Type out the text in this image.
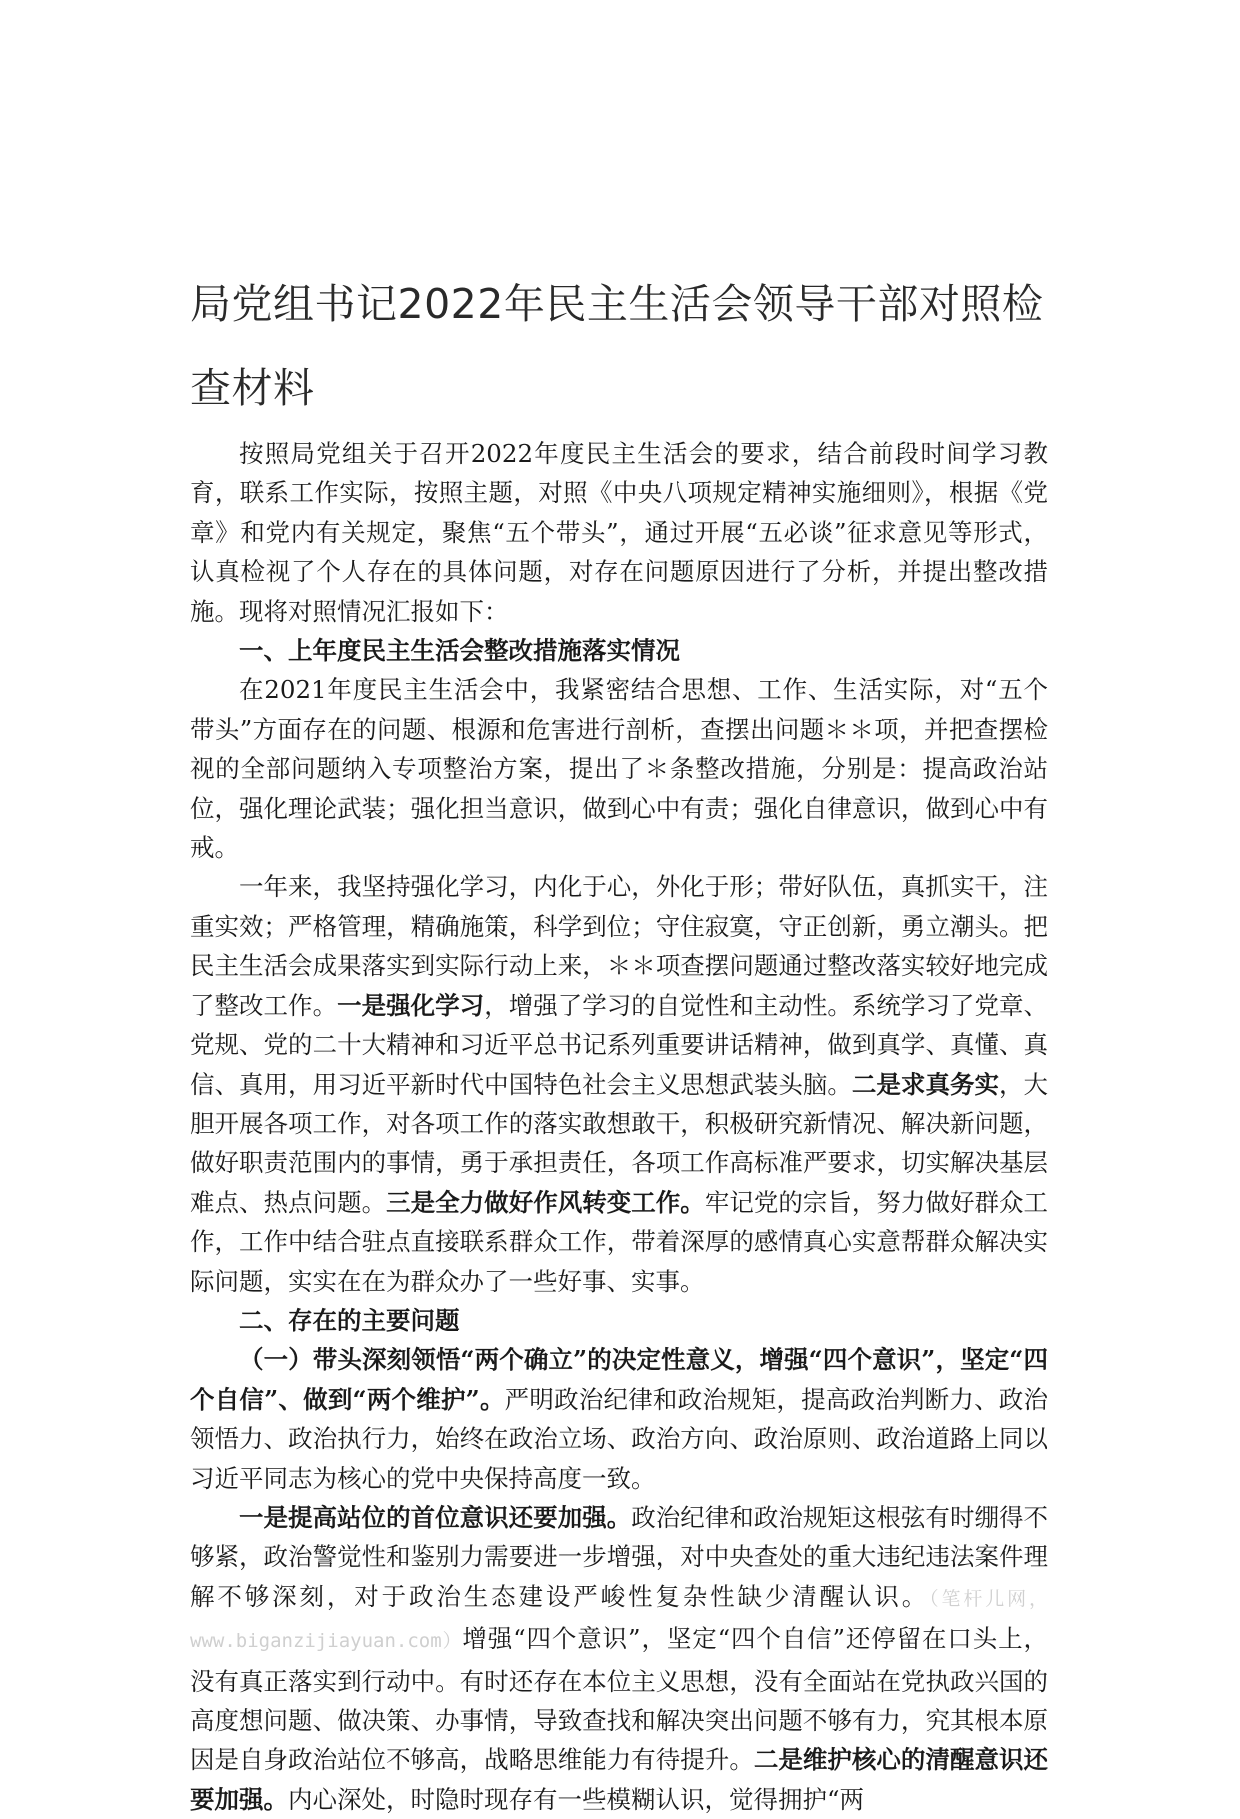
局党组书记2022年民主生活会领导干部对照检查材料

按照局党组关于召开2022年度民主生活会的要求，结合前段时间学习教育，联系工作实际，按照主题，对照《中央八项规定精神实施细则》，根据《党章》和党内有关规定，聚焦“五个带头”，通过开展“五必谈”征求意见等形式，认真检视了个人存在的具体问题，对存在问题原因进行了分析，并提出整改措施。现将对照情况汇报如下：

一、上年度民主生活会整改措施落实情况

在2021年度民主生活会中，我紧密结合思想、工作、生活实际，对“五个带头”方面存在的问题、根源和危害进行剖析，查摆出问题＊＊项，并把查摆检视的全部问题纳入专项整治方案，提出了＊条整改措施，分别是：提高政治站位，强化理论武装；强化担当意识，做到心中有责；强化自律意识，做到心中有戒。

一年来，我坚持强化学习，内化于心，外化于形；带好队伍，真抓实干，注重实效；严格管理，精确施策，科学到位；守住寂寞，守正创新，勇立潮头。把民主生活会成果落实到实际行动上来，＊＊项查摆问题通过整改落实较好地完成了整改工作。一是强化学习，增强了学习的自觉性和主动性。系统学习了党章、党规、党的二十大精神和习近平总书记系列重要讲话精神，做到真学、真懂、真信、真用，用习近平新时代中国特色社会主义思想武装头脑。二是求真务实，大胆开展各项工作，对各项工作的落实敢想敢干，积极研究新情况、解决新问题，做好职责范围内的事情，勇于承担责任，各项工作高标准严要求，切实解决基层难点、热点问题。三是全力做好作风转变工作。牢记党的宗旨，努力做好群众工作，工作中结合驻点直接联系群众工作，带着深厚的感情真心实意帮群众解决实际问题，实实在在为群众办了一些好事、实事。

二、存在的主要问题

（一）带头深刻领悟“两个确立”的决定性意义，增强“四个意识”，坚定“四个自信”、做到“两个维护”。严明政治纪律和政治规矩，提高政治判断力、政治领悟力、政治执行力，始终在政治立场、政治方向、政治原则、政治道路上同以习近平同志为核心的党中央保持高度一致。

一是提高站位的首位意识还要加强。政治纪律和政治规矩这根弦有时绷得不够紧，政治警觉性和鉴别力需要进一步增强，对中央查处的重大违纪违法案件理解不够深刻，对于政治生态建设严峻性复杂性缺少清醒认识。（笔杆儿网，www.biganzijiayuan.com）增强“四个意识”，坚定“四个自信”还停留在口头上，没有真正落实到行动中。有时还存在本位主义思想，没有全面站在党执政兴国的高度想问题、做决策、办事情，导致查找和解决突出问题不够有力，究其根本原因是自身政治站位不够高，战略思维能力有待提升。二是维护核心的清醒意识还要加强。内心深处，时隐时现存有一些模糊认识，觉得拥护“两
